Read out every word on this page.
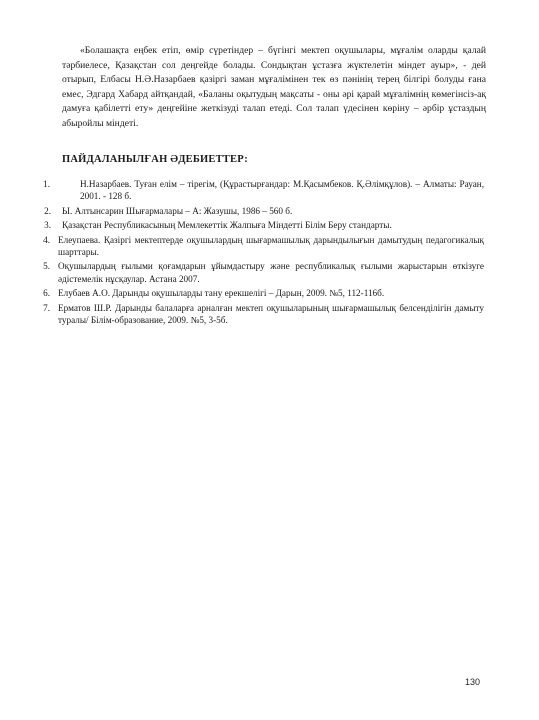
«Болашақта еңбек етіп, өмір сүретіндер – бүгінгі мектеп оқушылары, мұғалім оларды қалай тәрбиелесе, Қазақстан сол деңгейде болады. Сондықтан ұстазға жүктелетін міндет ауыр», - дей отырып, Елбасы Н.Ә.Назарбаев қазіргі заман мұғалімінен тек өз пәнінің терең білгірі болуды ғана емес, Эдгард Хабард айтқандай, «Баланы оқытудың мақсаты - оны әрі қарай мұғалімнің көмегінсіз-ақ дамуға қабілетті ету» деңгейіне жеткізуді талап етеді. Сол талап үдесінен көріну – әрбір ұстаздың абыройлы міндеті.

ПАЙДАЛАНЫЛҒАН ӘДЕБИЕТТЕР:

1.	Н.Назарбаев. Туған елім – тірегім, (Құрастырғандар: М.Қасымбеков. Қ.Әлімқұлов). – Алматы: Рауан, 2001. - 128 б.
2. Ы. Алтынсарин Шығармалары – А: Жазушы, 1986 – 560 б.
3. Қазақстан Республикасының Мемлекеттік Жалпыға Міндетті Білім Беру стандарты.
4. Елеупаева. Қазіргі мектептерде оқушылардың шығармашылық дарындылығын дамытудың педагогикалық шарттары.
5. Оқушылардың ғылыми қоғамдарын ұйымдастыру және республикалық ғылыми жарыстарын өткізуге әдістемелік нұсқаулар. Астана 2007.
6. Елубаев А.О. Дарынды оқушыларды тану ерекшелігі – Дарын, 2009. №5, 112-116б.
7. Ерматов Ш.Р. Дарынды балаларға арналған мектеп оқушыларының шығармашылық белсенділігін дамыту туралы/ Білім-образование, 2009. №5, 3-5б.
130
